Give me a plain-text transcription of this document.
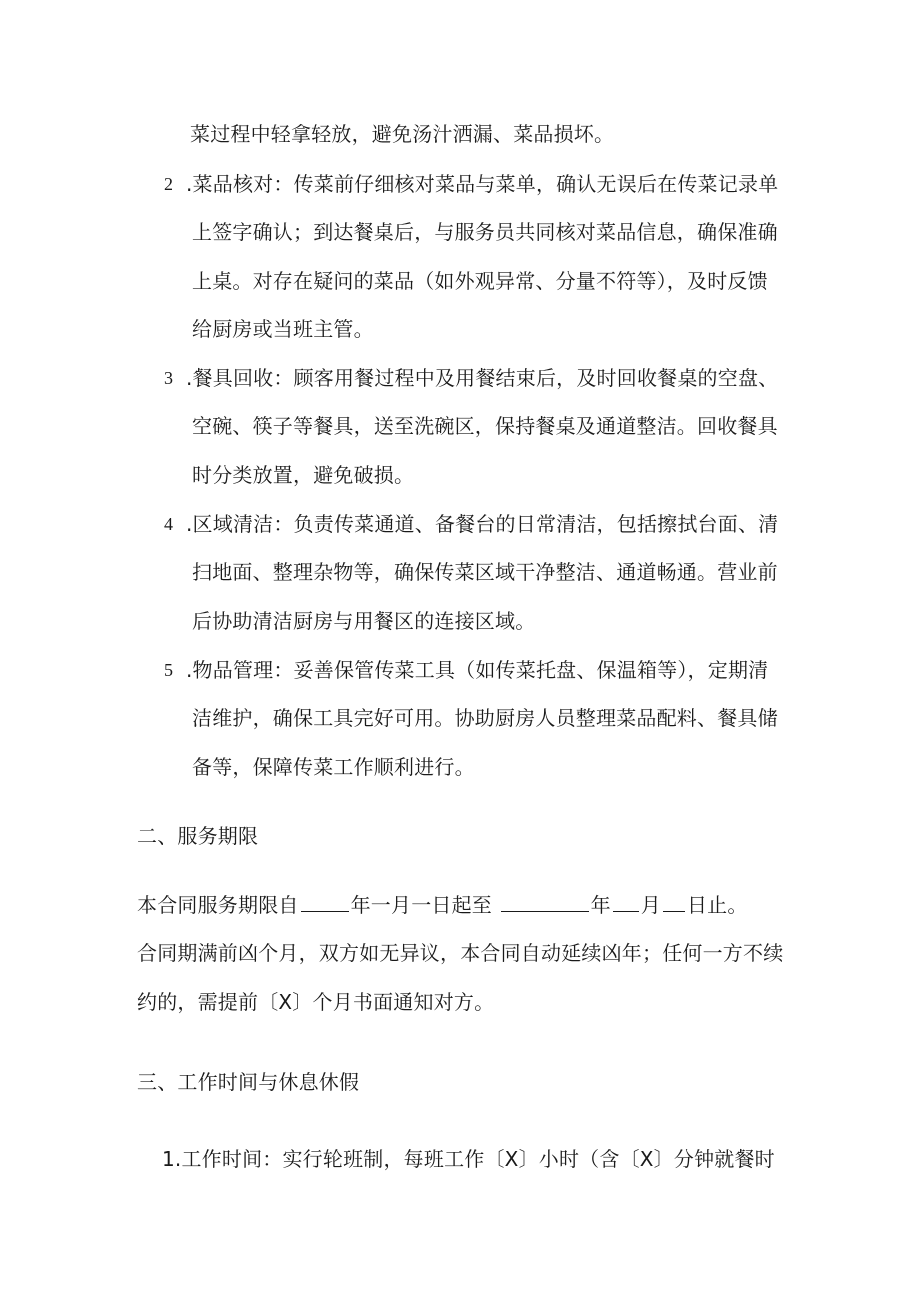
菜过程中轻拿轻放，避免汤汁洒漏、菜品损坏。
2 .菜品核对：传菜前仔细核对菜品与菜单，确认无误后在传菜记录单
上签字确认；到达餐桌后，与服务员共同核对菜品信息，确保准确
上桌。对存在疑问的菜品（如外观异常、分量不符等），及时反馈
给厨房或当班主管。
3 .餐具回收：顾客用餐过程中及用餐结束后，及时回收餐桌的空盘、
空碗、筷子等餐具，送至洗碗区，保持餐桌及通道整洁。回收餐具
时分类放置，避免破损。
4 .区域清洁：负责传菜通道、备餐台的日常清洁，包括擦拭台面、清
扫地面、整理杂物等，确保传菜区域干净整洁、通道畅通。营业前
后协助清洁厨房与用餐区的连接区域。
5 .物品管理：妥善保管传菜工具（如传菜托盘、保温箱等），定期清
洁维护，确保工具完好可用。协助厨房人员整理菜品配料、餐具储
备等，保障传菜工作顺利进行。
二、服务期限
本合同服务期限自	年一月一日起至	年 月 日止。
合同期满前凶个月，双方如无异议，本合同自动延续凶年；任何一方不续
约的，需提前〔X〕个月书面通知对方。
三、工作时间与休息休假
1.工作时间：实行轮班制，每班工作〔X〕小时（含〔X〕分钟就餐时
